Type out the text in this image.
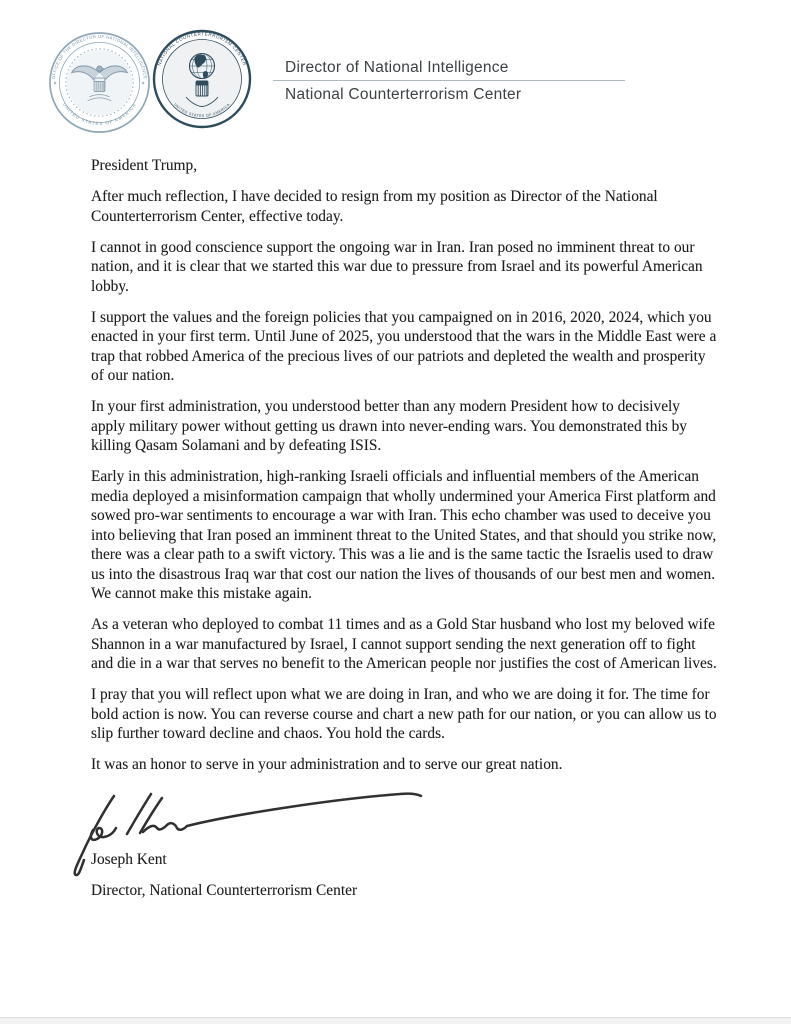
OFFICE OF THE DIRECTOR OF NATIONAL INTELLIGENCE
UNITED STATES OF AMERICA
★	★
NATIONAL COUNTERTERRORISM CENTER
UNITED STATES OF AMERICA
Director of National Intelligence
National Counterterrorism Center

President Trump,

After much reflection, I have decided to resign from my position as Director of the National Counterterrorism Center, effective today.

I cannot in good conscience support the ongoing war in Iran. Iran posed no imminent threat to our nation, and it is clear that we started this war due to pressure from Israel and its powerful American lobby.

I support the values and the foreign policies that you campaigned on in 2016, 2020, 2024, which you enacted in your first term. Until June of 2025, you understood that the wars in the Middle East were a trap that robbed America of the precious lives of our patriots and depleted the wealth and prosperity of our nation.

In your first administration, you understood better than any modern President how to decisively apply military power without getting us drawn into never-ending wars. You demonstrated this by killing Qasam Solamani and by defeating ISIS.

Early in this administration, high-ranking Israeli officials and influential members of the American media deployed a misinformation campaign that wholly undermined your America First platform and sowed pro-war sentiments to encourage a war with Iran. This echo chamber was used to deceive you into believing that Iran posed an imminent threat to the United States, and that should you strike now, there was a clear path to a swift victory. This was a lie and is the same tactic the Israelis used to draw us into the disastrous Iraq war that cost our nation the lives of thousands of our best men and women. We cannot make this mistake again.

As a veteran who deployed to combat 11 times and as a Gold Star husband who lost my beloved wife Shannon in a war manufactured by Israel, I cannot support sending the next generation off to fight and die in a war that serves no benefit to the American people nor justifies the cost of American lives.

I pray that you will reflect upon what we are doing in Iran, and who we are doing it for. The time for bold action is now. You can reverse course and chart a new path for our nation, or you can allow us to slip further toward decline and chaos. You hold the cards.

It was an honor to serve in your administration and to serve our great nation.

Joseph Kent

Director, National Counterterrorism Center
